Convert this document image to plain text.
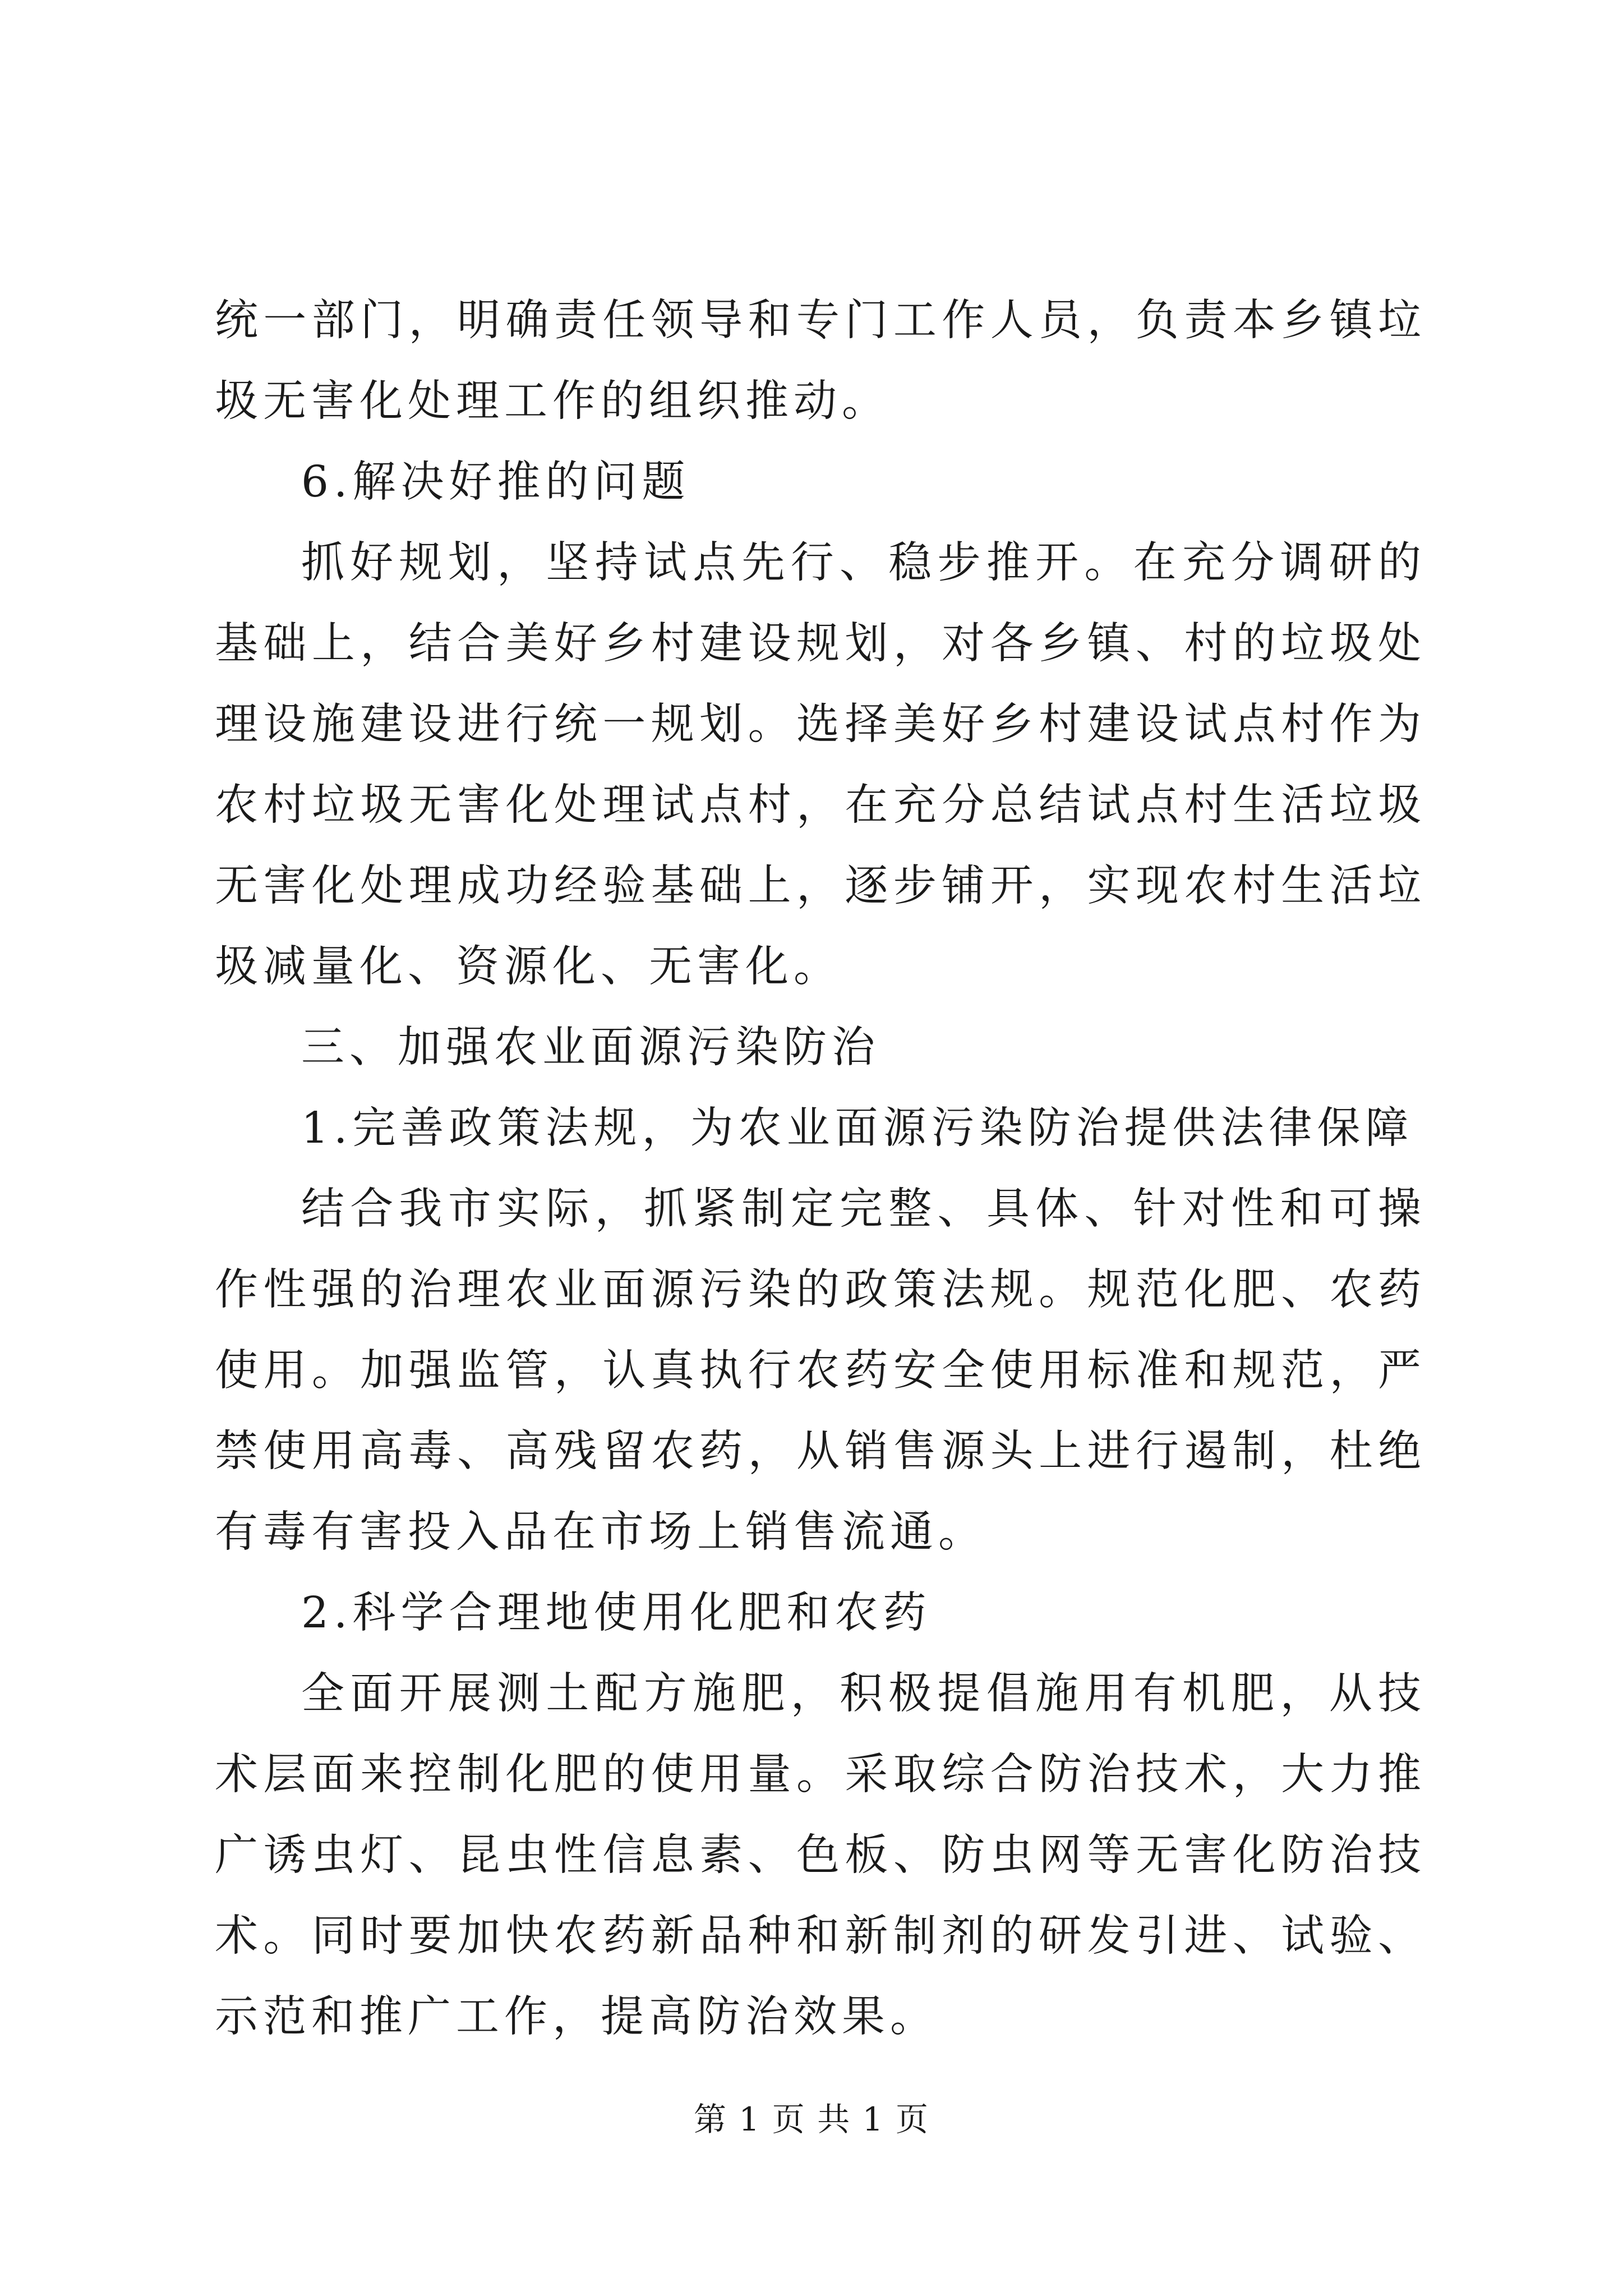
统一部门，明确责任领导和专门工作人员，负责本乡镇垃圾无害化处理工作的组织推动。

6.解决好推的问题

抓好规划，坚持试点先行、稳步推开。在充分调研的基础上，结合美好乡村建设规划，对各乡镇、村的垃圾处理设施建设进行统一规划。选择美好乡村建设试点村作为农村垃圾无害化处理试点村，在充分总结试点村生活垃圾无害化处理成功经验基础上，逐步铺开，实现农村生活垃圾减量化、资源化、无害化。

三、加强农业面源污染防治

1.完善政策法规，为农业面源污染防治提供法律保障

结合我市实际，抓紧制定完整、具体、针对性和可操作性强的治理农业面源污染的政策法规。规范化肥、农药使用。加强监管，认真执行农药安全使用标准和规范，严禁使用高毒、高残留农药，从销售源头上进行遏制，杜绝有毒有害投入品在市场上销售流通。

2.科学合理地使用化肥和农药

全面开展测土配方施肥，积极提倡施用有机肥，从技术层面来控制化肥的使用量。采取综合防治技术，大力推广诱虫灯、昆虫性信息素、色板、防虫网等无害化防治技术。同时要加快农药新品种和新制剂的研发引进、试验、示范和推广工作，提高防治效果。

第 1 页 共 1 页
